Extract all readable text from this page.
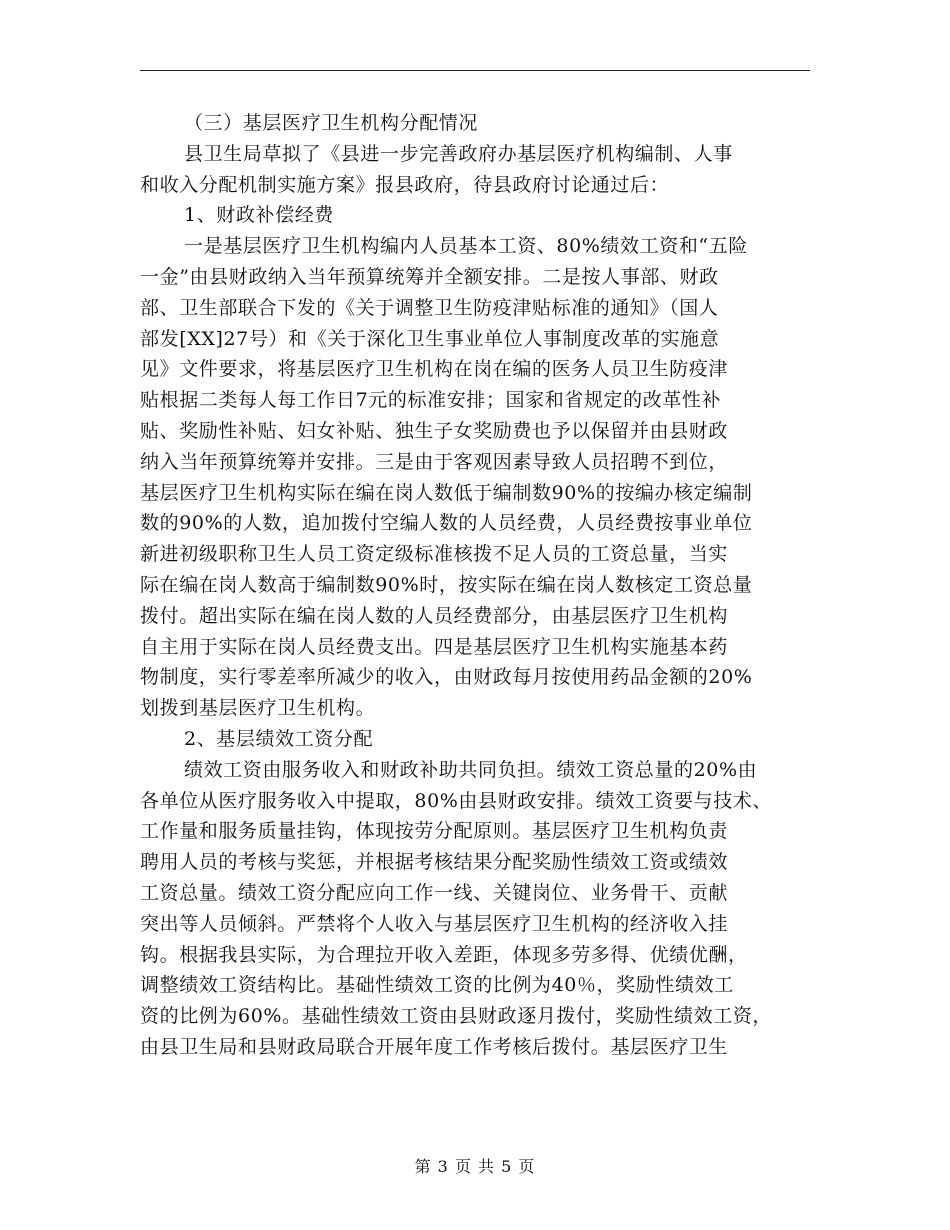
（三）基层医疗卫生机构分配情况
县卫生局草拟了《县进一步完善政府办基层医疗机构编制、人事
和收入分配机制实施方案》报县政府，待县政府讨论通过后：
1、财政补偿经费
一是基层医疗卫生机构编内人员基本工资、80%绩效工资和“五险
一金”由县财政纳入当年预算统筹并全额安排。二是按人事部、财政
部、卫生部联合下发的《关于调整卫生防疫津贴标准的通知》（国人
部发[XX]27号）和《关于深化卫生事业单位人事制度改革的实施意
见》文件要求，将基层医疗卫生机构在岗在编的医务人员卫生防疫津
贴根据二类每人每工作日7元的标准安排；国家和省规定的改革性补
贴、奖励性补贴、妇女补贴、独生子女奖励费也予以保留并由县财政
纳入当年预算统筹并安排。三是由于客观因素导致人员招聘不到位，
基层医疗卫生机构实际在编在岗人数低于编制数90%的按编办核定编制
数的90%的人数，追加拨付空编人数的人员经费，人员经费按事业单位
新进初级职称卫生人员工资定级标准核拨不足人员的工资总量，当实
际在编在岗人数高于编制数90%时，按实际在编在岗人数核定工资总量
拨付。超出实际在编在岗人数的人员经费部分，由基层医疗卫生机构
自主用于实际在岗人员经费支出。四是基层医疗卫生机构实施基本药
物制度，实行零差率所减少的收入，由财政每月按使用药品金额的20%
划拨到基层医疗卫生机构。
2、基层绩效工资分配
绩效工资由服务收入和财政补助共同负担。绩效工资总量的20%由
各单位从医疗服务收入中提取，80%由县财政安排。绩效工资要与技术、
工作量和服务质量挂钩，体现按劳分配原则。基层医疗卫生机构负责
聘用人员的考核与奖惩，并根据考核结果分配奖励性绩效工资或绩效
工资总量。绩效工资分配应向工作一线、关键岗位、业务骨干、贡献
突出等人员倾斜。严禁将个人收入与基层医疗卫生机构的经济收入挂
钩。根据我县实际，为合理拉开收入差距，体现多劳多得、优绩优酬，
调整绩效工资结构比。基础性绩效工资的比例为40％，奖励性绩效工
资的比例为60%。基础性绩效工资由县财政逐月拨付，奖励性绩效工资，
由县卫生局和县财政局联合开展年度工作考核后拨付。基层医疗卫生
第 3 页 共 5 页
